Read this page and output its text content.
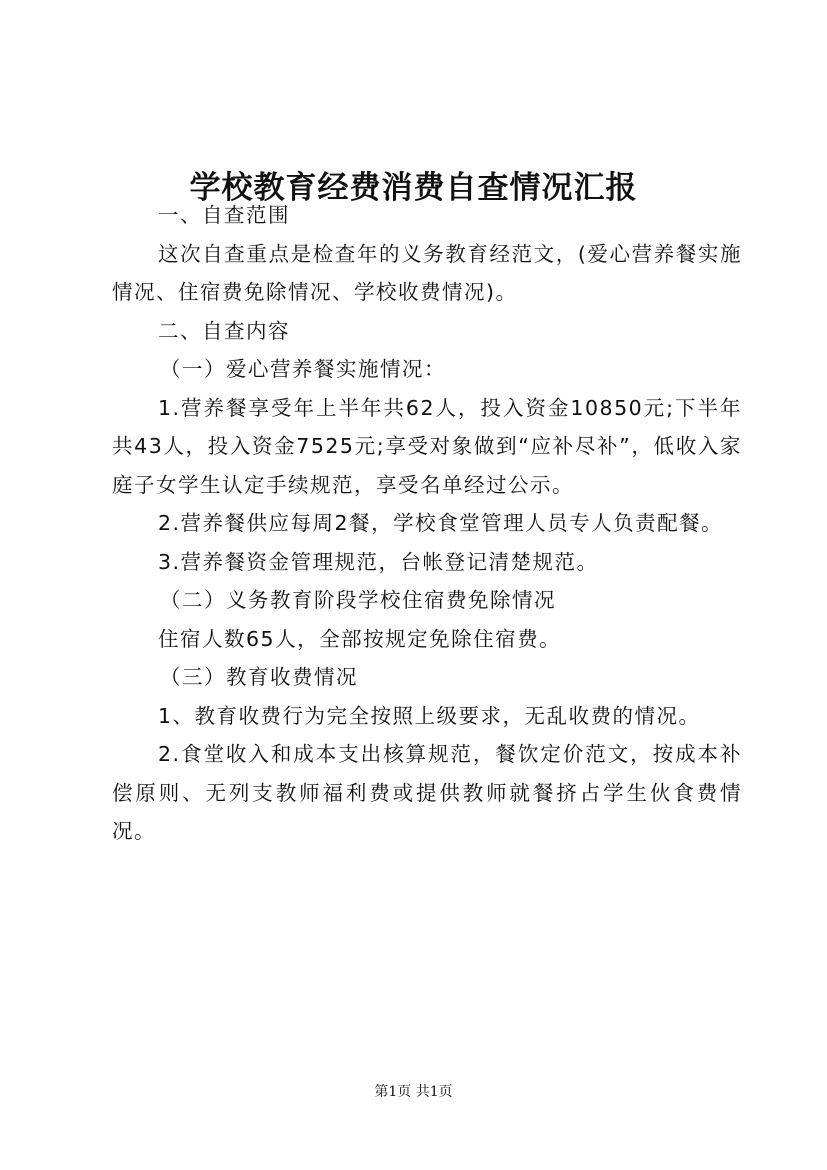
学校教育经费消费自查情况汇报

一、自查范围

这次自查重点是检查年的义务教育经范文，(爱心营养餐实施情况、住宿费免除情况、学校收费情况)。

二、自查内容

（一）爱心营养餐实施情况：

1.营养餐享受年上半年共62人，投入资金10850元;下半年共43人，投入资金7525元;享受对象做到“应补尽补”，低收入家庭子女学生认定手续规范，享受名单经过公示。

2.营养餐供应每周2餐，学校食堂管理人员专人负责配餐。

3.营养餐资金管理规范，台帐登记清楚规范。

（二）义务教育阶段学校住宿费免除情况

住宿人数65人，全部按规定免除住宿费。

（三）教育收费情况

1、教育收费行为完全按照上级要求，无乱收费的情况。

2.食堂收入和成本支出核算规范，餐饮定价范文，按成本补偿原则、无列支教师福利费或提供教师就餐挤占学生伙食费情况。

第1页 共1页
